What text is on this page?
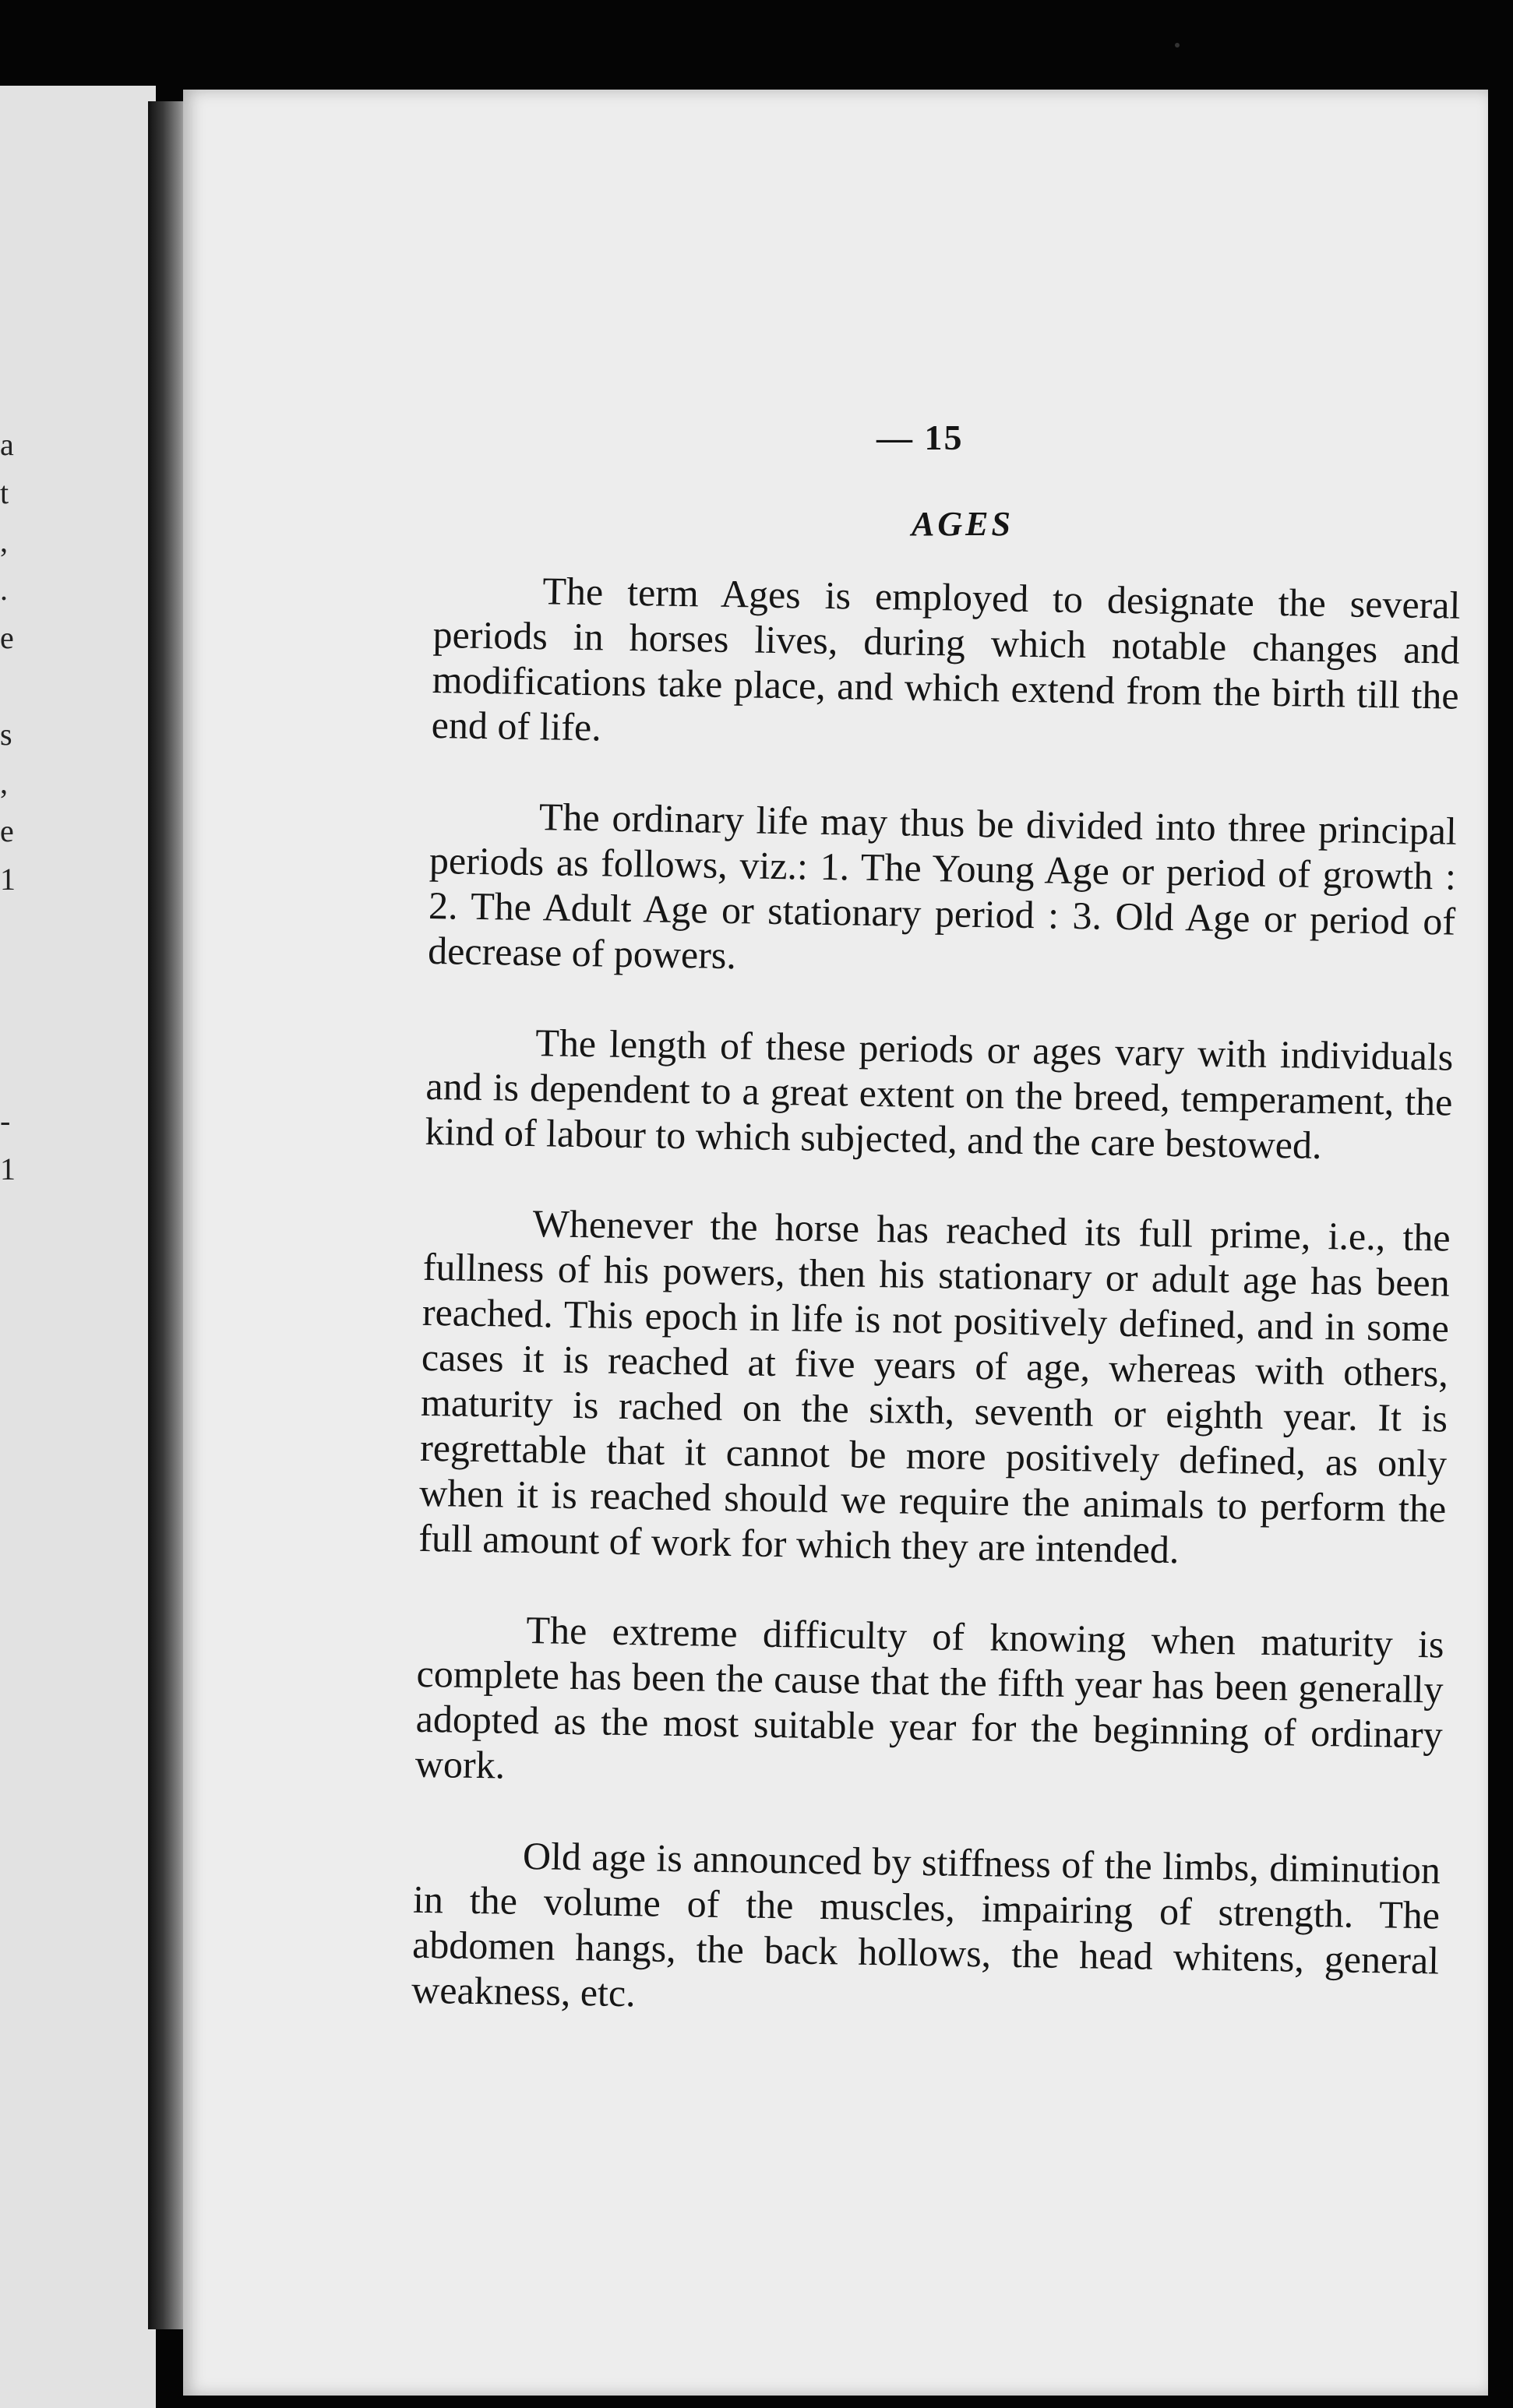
a
t
,
.
e
s
,
e
1
-
1
— 15
AGES

The term Ages is employed to designate the several periods in horses lives, during which notable changes and modifications take place, and which extend from the birth till the end of life.

The ordinary life may thus be divided into three principal periods as follows, viz.: 1. The Young Age or period of growth : 2. The Adult Age or stationary period : 3. Old Age or period of decrease of powers.

The length of these periods or ages vary with individuals and is dependent to a great extent on the breed, temperament, the kind of labour to which subjected, and the care bestowed.

Whenever the horse has reached its full prime, i.e., the fullness of his powers, then his stationary or adult age has been reached. This epoch in life is not positively defined, and in some cases it is reached at five years of age, whereas with others, maturity is rached on the sixth, seventh or eighth year. It is regrettable that it cannot be more positively defined, as only when it is reached should we require the animals to perform the full amount of work for which they are intended.

The extreme difficulty of knowing when maturity is complete has been the cause that the fifth year has been generally adopted as the most suitable year for the beginning of ordinary work.

Old age is announced by stiffness of the limbs, diminution in the volume of the muscles, impairing of strength. The abdomen hangs, the back hollows, the head whitens, general weakness, etc.
